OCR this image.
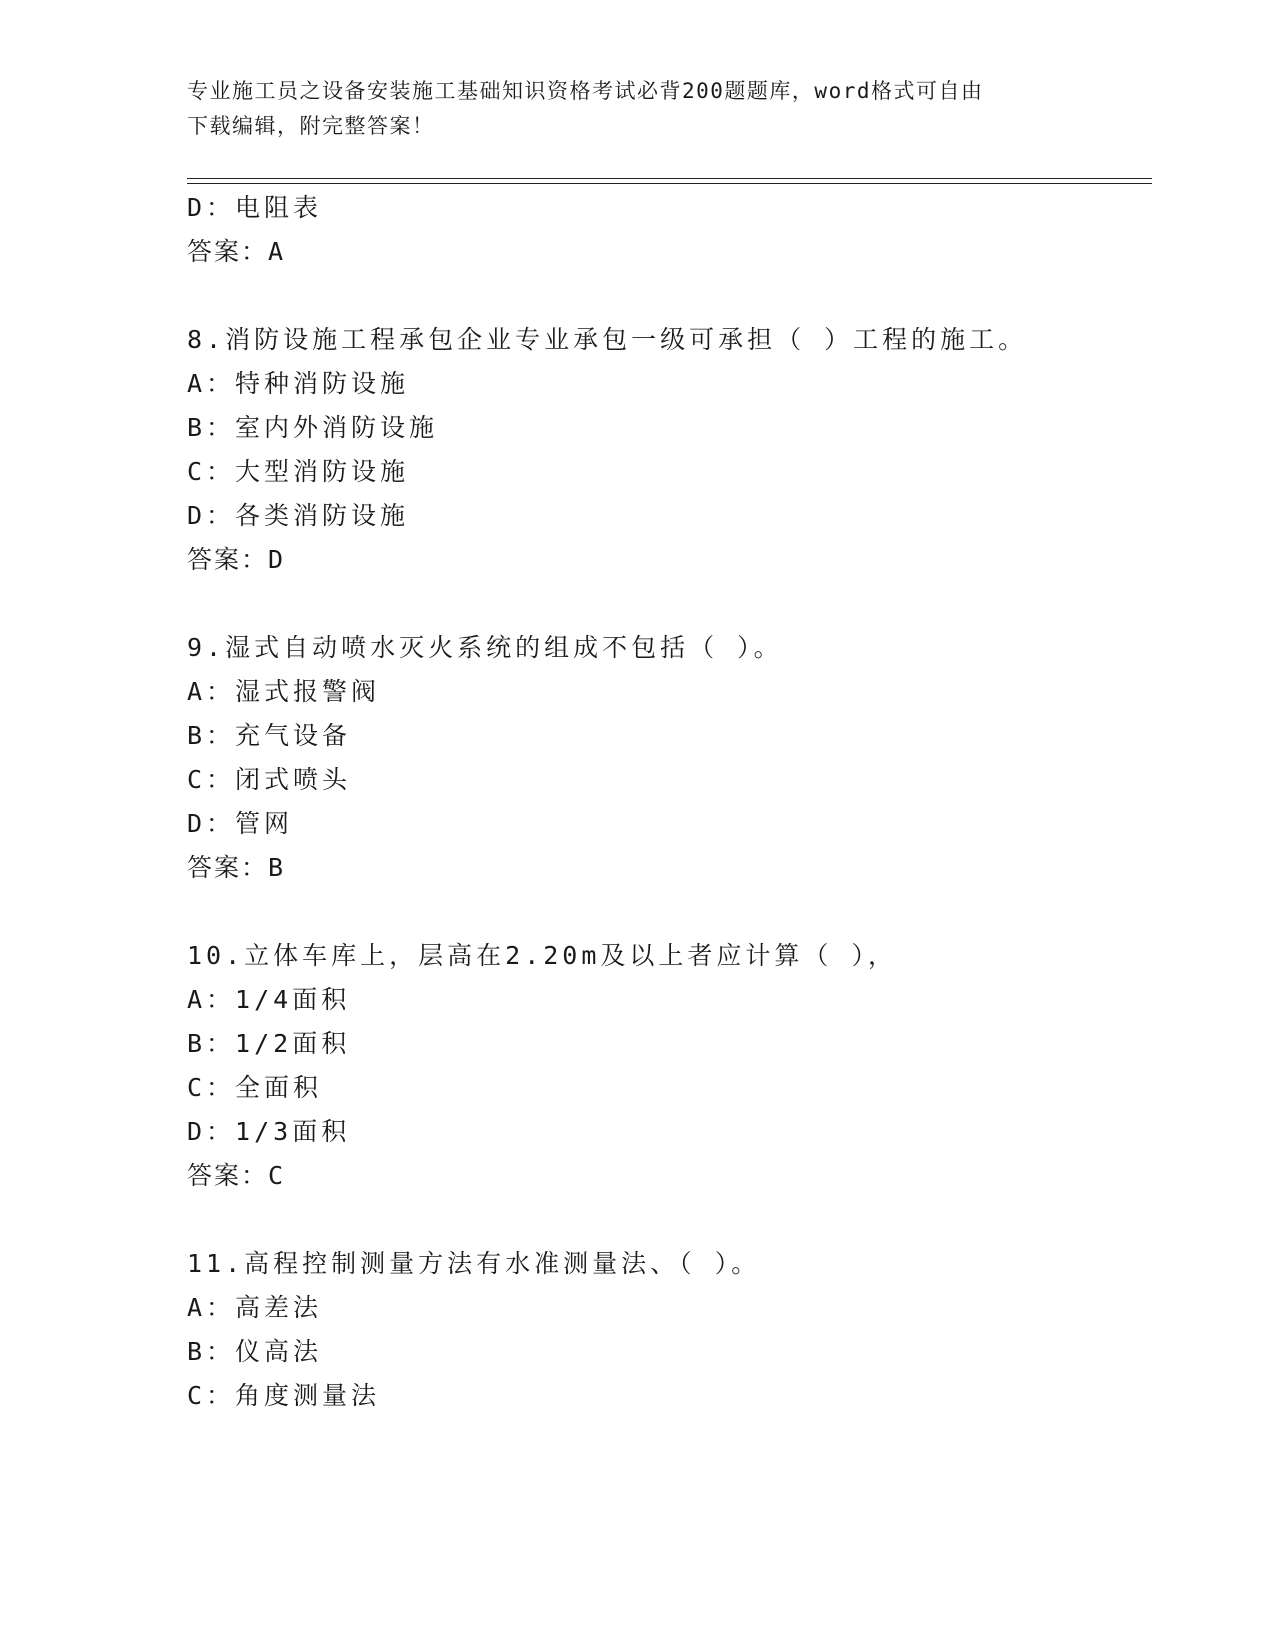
专业施工员之设备安装施工基础知识资格考试必背200题题库，word格式可自由
下载编辑，附完整答案！
D：电阻表
答案：A
8.消防设施工程承包企业专业承包一级可承担（ ）工程的施工。
A：特种消防设施
B：室内外消防设施
C：大型消防设施
D：各类消防设施
答案：D
9.湿式自动喷水灭火系统的组成不包括（ ）。
A：湿式报警阀
B：充气设备
C：闭式喷头
D：管网
答案：B
10.立体车库上，层高在2.20m及以上者应计算（ ），
A：1/4面积
B：1/2面积
C：全面积
D：1/3面积
答案：C
11.高程控制测量方法有水准测量法、（ ）。
A：高差法
B：仪高法
C：角度测量法
